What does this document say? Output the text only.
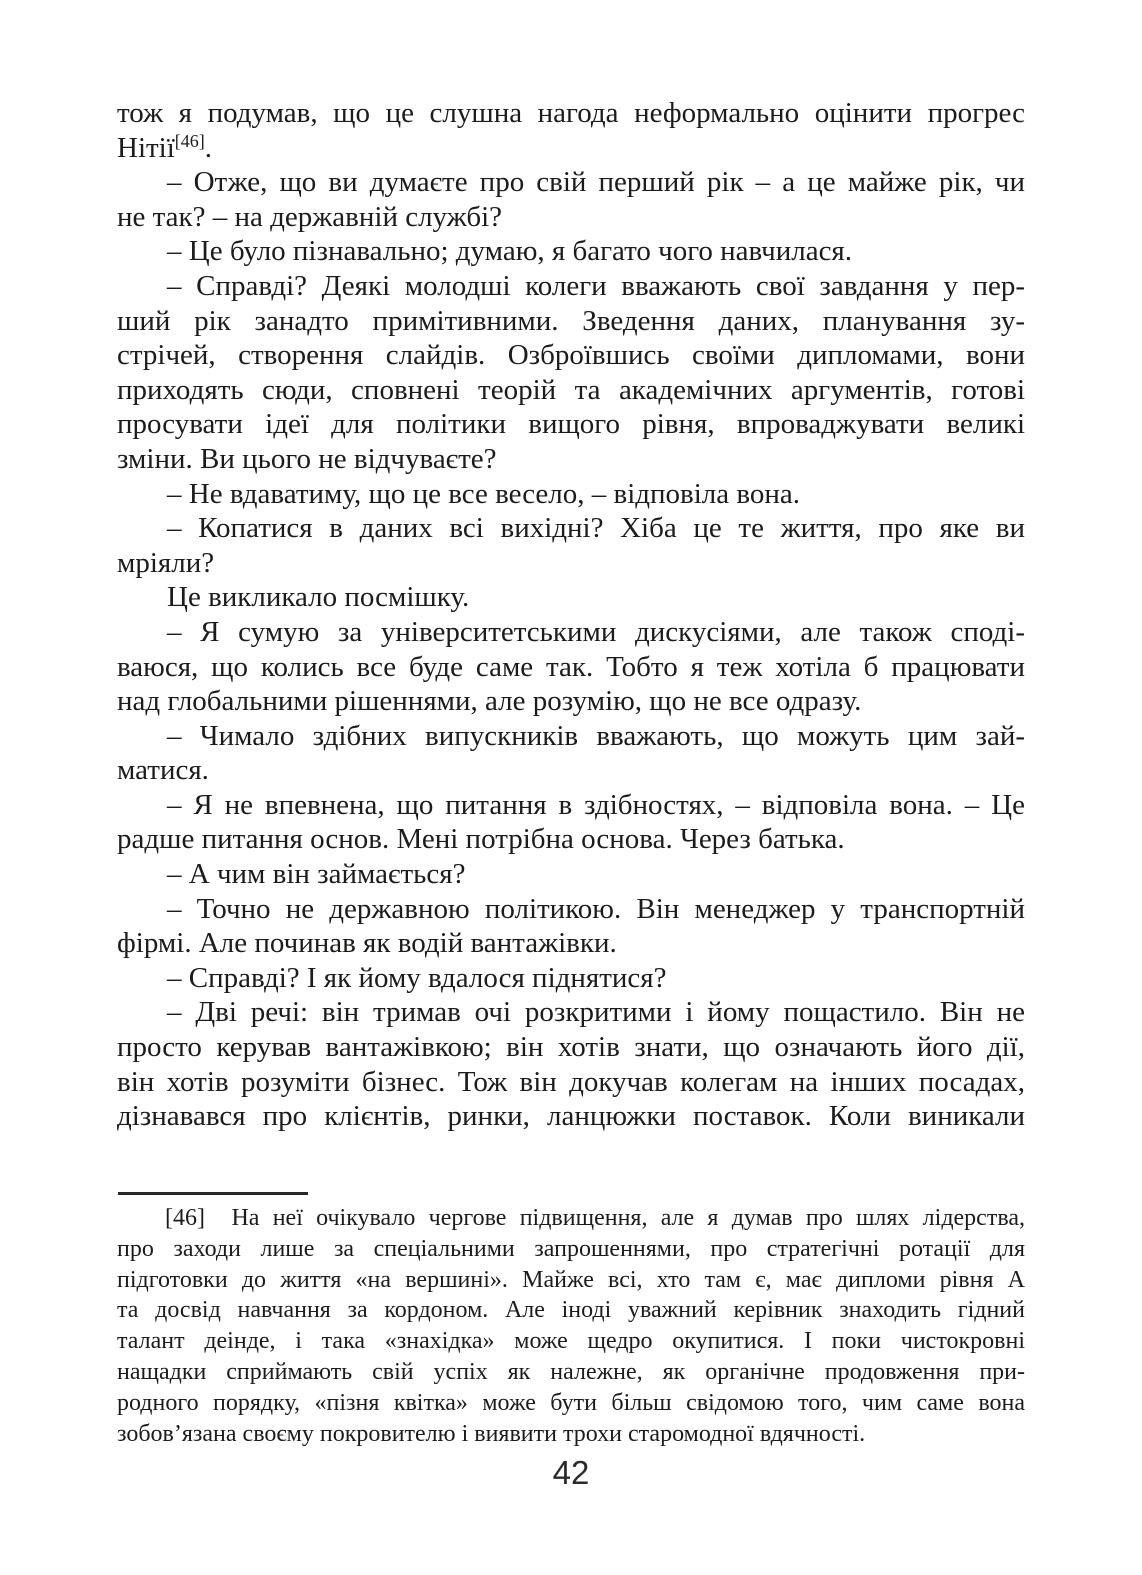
тож я подумав, що це слушна нагода неформально оцінити прогрес
Нітії[46].
– Отже, що ви думаєте про свій перший рік – а це майже рік, чи
не так? – на державній службі?
– Це було пізнавально; думаю, я багато чого навчилася.
– Справді? Деякі молодші колеги вважають свої завдання у пер-
ший рік занадто примітивними. Зведення даних, планування зу-
стрічей, створення слайдів. Озброївшись своїми дипломами, вони
приходять сюди, сповнені теорій та академічних аргументів, готові
просувати ідеї для політики вищого рівня, впроваджувати великі
зміни. Ви цього не відчуваєте?
– Не вдаватиму, що це все весело, – відповіла вона.
– Копатися в даних всі вихідні? Хіба це те життя, про яке ви
мріяли?
Це викликало посмішку.
– Я сумую за університетськими дискусіями, але також споді-
ваюся, що колись все буде саме так. Тобто я теж хотіла б працювати
над глобальними рішеннями, але розумію, що не все одразу.
– Чимало здібних випускників вважають, що можуть цим зай-
матися.
– Я не впевнена, що питання в здібностях, – відповіла вона. – Це
радше питання основ. Мені потрібна основа. Через батька.
– А чим він займається?
– Точно не державною політикою. Він менеджер у транспортній
фірмі. Але починав як водій вантажівки.
– Справді? І як йому вдалося піднятися?
– Дві речі: він тримав очі розкритими і йому пощастило. Він не
просто керував вантажівкою; він хотів знати, що означають його дії,
він хотів розуміти бізнес. Тож він докучав колегам на інших посадах,
дізнавався про клієнтів, ринки, ланцюжки поставок. Коли виникали
[46]  На неї очікувало чергове підвищення, але я думав про шлях лідерства,
про заходи лише за спеціальними запрошеннями, про стратегічні ротації для
підготовки до життя «на вершині». Майже всі, хто там є, має дипломи рівня А
та досвід навчання за кордоном. Але іноді уважний керівник знаходить гідний
талант деінде, і така «знахідка» може щедро окупитися. І поки чистокровні
нащадки сприймають свій успіх як належне, як органічне продовження при-
родного порядку, «пізня квітка» може бути більш свідомою того, чим саме вона
зобов’язана своєму покровителю і виявити трохи старомодної вдячності.
42
